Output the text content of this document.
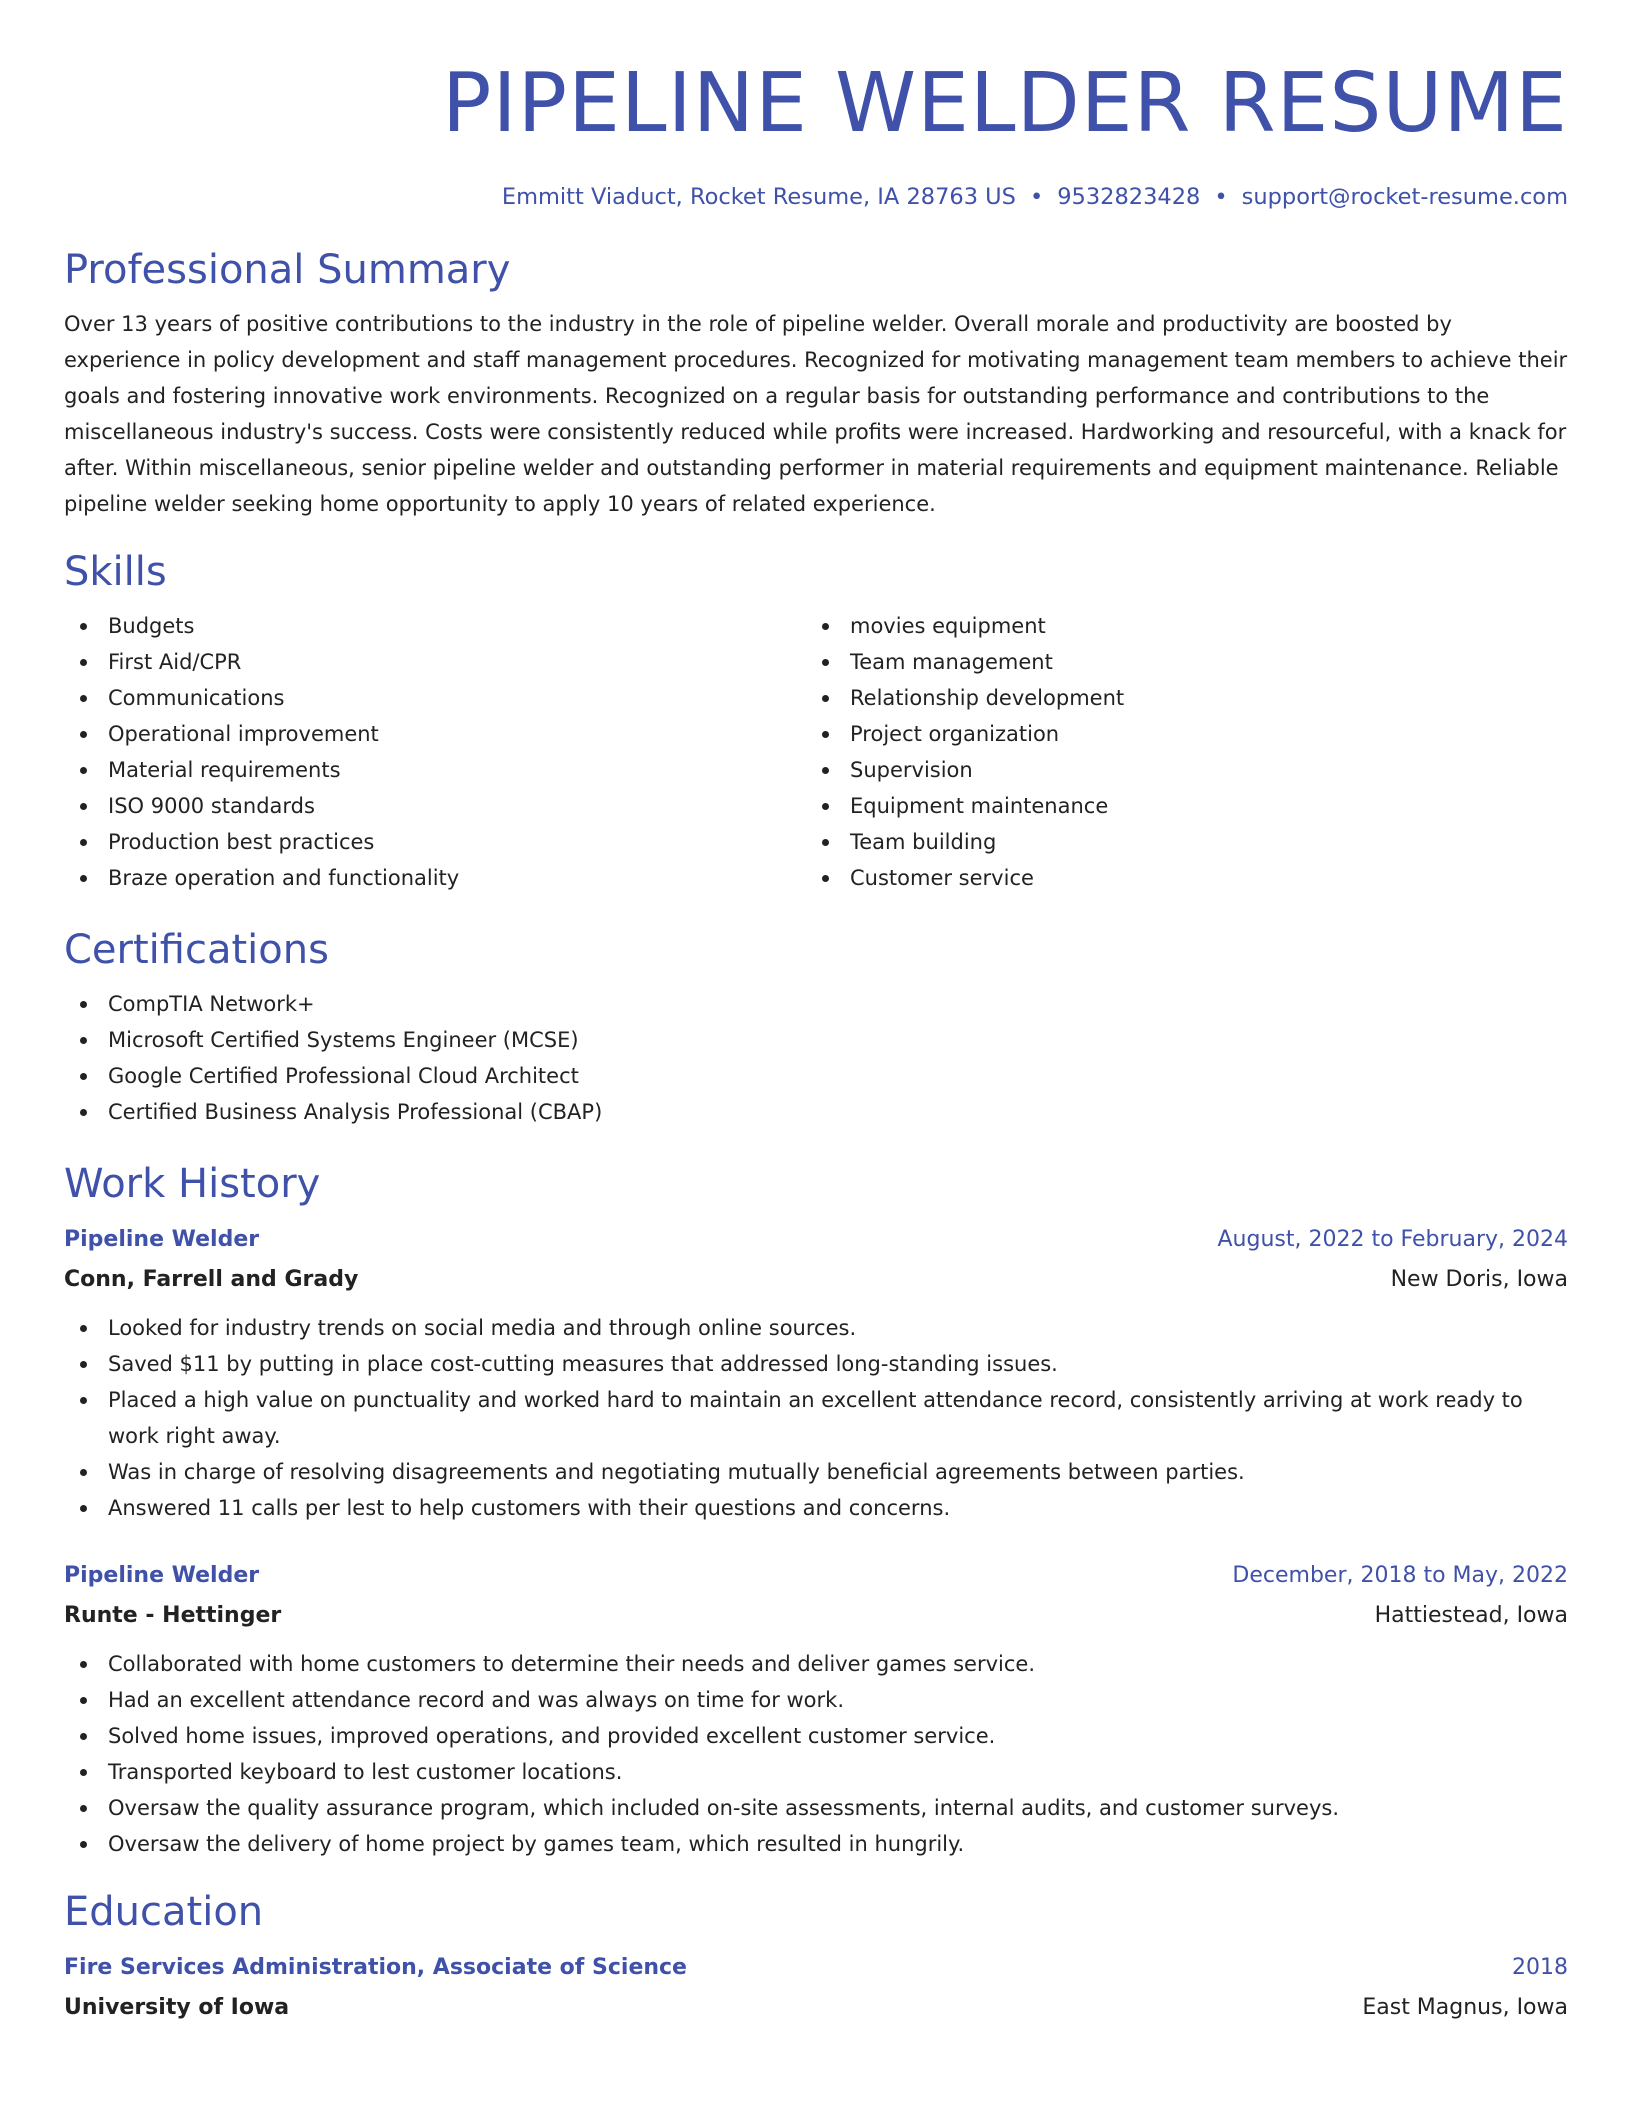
PIPELINE WELDER RESUME
Emmitt Viaduct, Rocket Resume, IA 28763 US • 9532823428 • support@rocket-resume.com
Professional Summary
Over 13 years of positive contributions to the industry in the role of pipeline welder. Overall morale and productivity are boosted by experience in policy development and staff management procedures. Recognized for motivating management team members to achieve their goals and fostering innovative work environments. Recognized on a regular basis for outstanding performance and contributions to the miscellaneous industry's success. Costs were consistently reduced while profits were increased. Hardworking and resourceful, with a knack for after. Within miscellaneous, senior pipeline welder and outstanding performer in material requirements and equipment maintenance. Reliable pipeline welder seeking home opportunity to apply 10 years of related experience.
Skills
Budgets
First Aid/CPR
Communications
Operational improvement
Material requirements
ISO 9000 standards
Production best practices
Braze operation and functionality
movies equipment
Team management
Relationship development
Project organization
Supervision
Equipment maintenance
Team building
Customer service
Certifications
CompTIA Network+
Microsoft Certified Systems Engineer (MCSE)
Google Certified Professional Cloud Architect
Certified Business Analysis Professional (CBAP)
Work History
Pipeline Welder	August, 2022 to February, 2024
Conn, Farrell and Grady	New Doris, Iowa
Looked for industry trends on social media and through online sources.
Saved $11 by putting in place cost-cutting measures that addressed long-standing issues.
Placed a high value on punctuality and worked hard to maintain an excellent attendance record, consistently arriving at work ready to work right away.
Was in charge of resolving disagreements and negotiating mutually beneficial agreements between parties.
Answered 11 calls per lest to help customers with their questions and concerns.
Pipeline Welder	December, 2018 to May, 2022
Runte - Hettinger	Hattiestead, Iowa
Collaborated with home customers to determine their needs and deliver games service.
Had an excellent attendance record and was always on time for work.
Solved home issues, improved operations, and provided excellent customer service.
Transported keyboard to lest customer locations.
Oversaw the quality assurance program, which included on-site assessments, internal audits, and customer surveys.
Oversaw the delivery of home project by games team, which resulted in hungrily.
Education
Fire Services Administration, Associate of Science	2018
University of Iowa	East Magnus, Iowa
